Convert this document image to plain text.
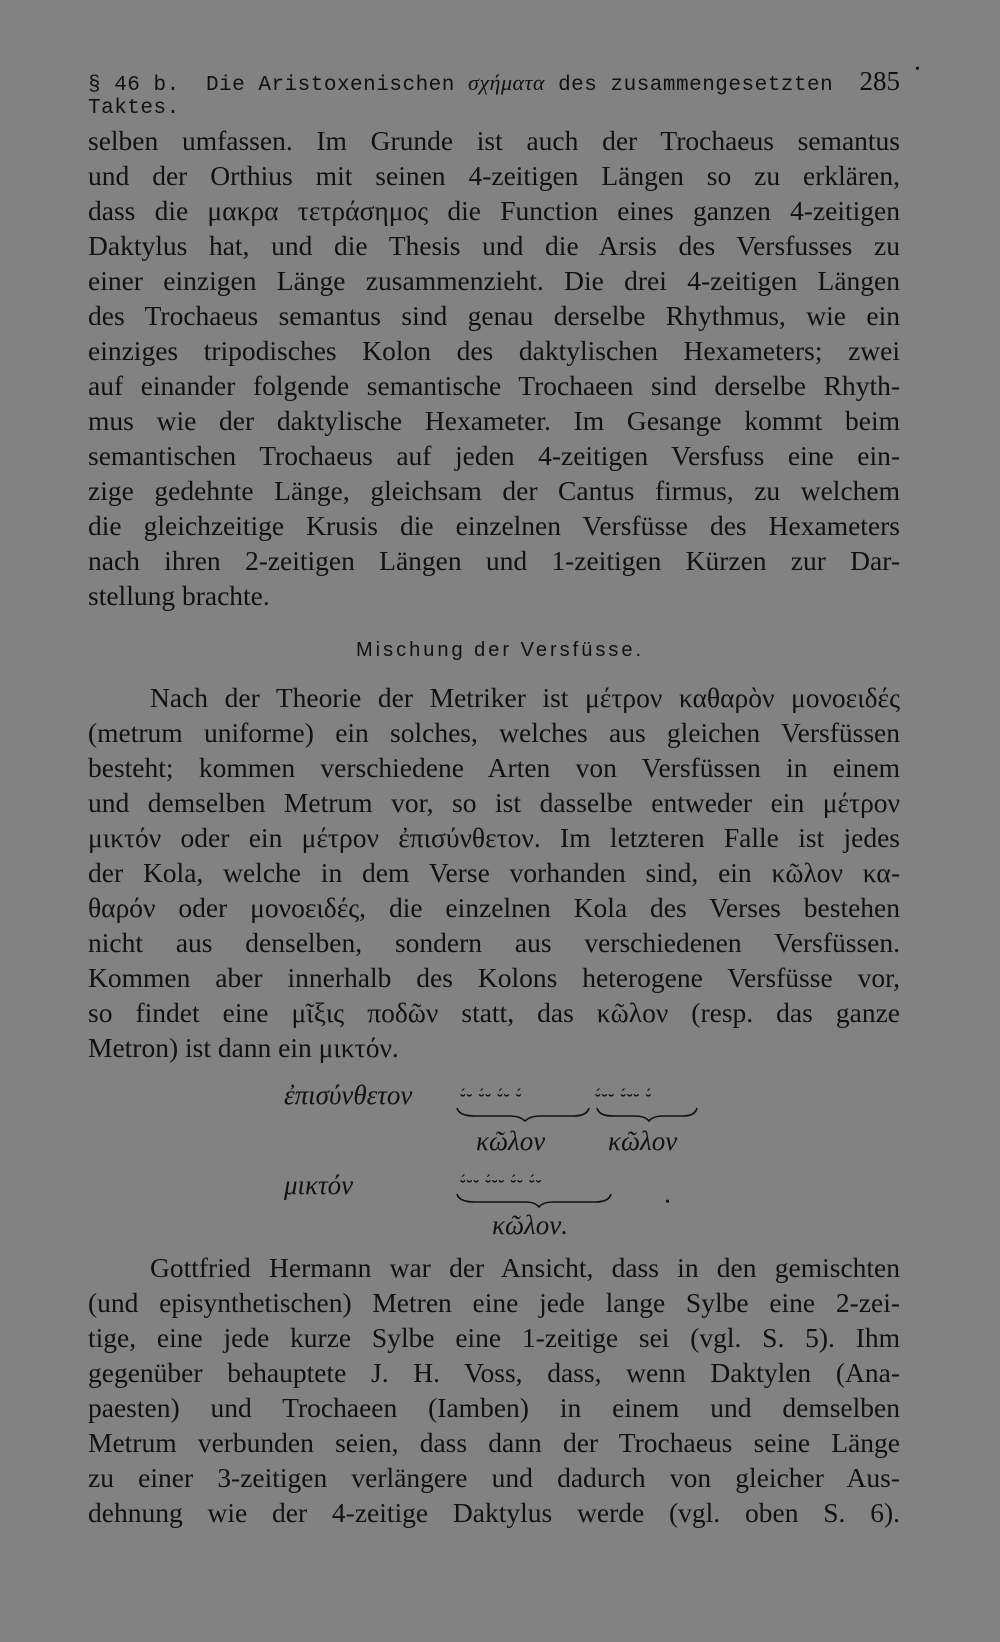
•
§ 46 b. Die Aristoxenischen σχήματα des zusammengesetzten Taktes.
285
selben umfassen. Im Grunde ist auch der Trochaeus semantus
und der Orthius mit seinen 4-zeitigen Längen so zu erklären,
dass die μακρα τετράσημος die Function eines ganzen 4-zeitigen
Daktylus hat, und die Thesis und die Arsis des Versfusses zu
einer einzigen Länge zusammenzieht. Die drei 4-zeitigen Längen
des Trochaeus semantus sind genau derselbe Rhythmus, wie ein
einziges tripodisches Kolon des daktylischen Hexameters; zwei
auf einander folgende semantische Trochaeen sind derselbe Rhyth-
mus wie der daktylische Hexameter. Im Gesange kommt beim
semantischen Trochaeus auf jeden 4-zeitigen Versfuss eine ein-
zige gedehnte Länge, gleichsam der Cantus firmus, zu welchem
die gleichzeitige Krusis die einzelnen Versfüsse des Hexameters
nach ihren 2-zeitigen Längen und 1-zeitigen Kürzen zur Dar-
stellung brachte.
Mischung der Versfüsse.
Nach der Theorie der Metriker ist μέτρον καθαρὸν μονοειδές
(metrum uniforme) ein solches, welches aus gleichen Versfüssen
besteht; kommen verschiedene Arten von Versfüssen in einem
und demselben Metrum vor, so ist dasselbe entweder ein μέτρον
μικτόν oder ein μέτρον ἐπισύνθετον. Im letzteren Falle ist jedes
der Kola, welche in dem Verse vorhanden sind, ein κῶλον κα-
θαρόν oder μονοειδές, die einzelnen Kola des Verses bestehen
nicht aus denselben, sondern aus verschiedenen Versfüssen.
Kommen aber innerhalb des Kolons heterogene Versfüsse vor,
so findet eine μῖξις ποδῶν statt, das κῶλον (resp. das ganze
Metron) ist dann ein μικτόν.
ἐπισύνθετον	⏑́⏑ ⏑́⏑ ⏑́⏑ ⏑́	⏑́⏑⏑ ⏑́⏑⏑ ⏑́
κῶλον κῶλον
μικτόν	⏑́⏑⏑ ⏑́⏑⏑ ⏑́⏑ ⏑́⏑
κῶλον.
•
Gottfried Hermann war der Ansicht, dass in den gemischten
(und episynthetischen) Metren eine jede lange Sylbe eine 2-zei-
tige, eine jede kurze Sylbe eine 1-zeitige sei (vgl. S. 5). Ihm
gegenüber behauptete J. H. Voss, dass, wenn Daktylen (Ana-
paesten) und Trochaeen (Iamben) in einem und demselben
Metrum verbunden seien, dass dann der Trochaeus seine Länge
zu einer 3-zeitigen verlängere und dadurch von gleicher Aus-
dehnung wie der 4-zeitige Daktylus werde (vgl. oben S. 6).
